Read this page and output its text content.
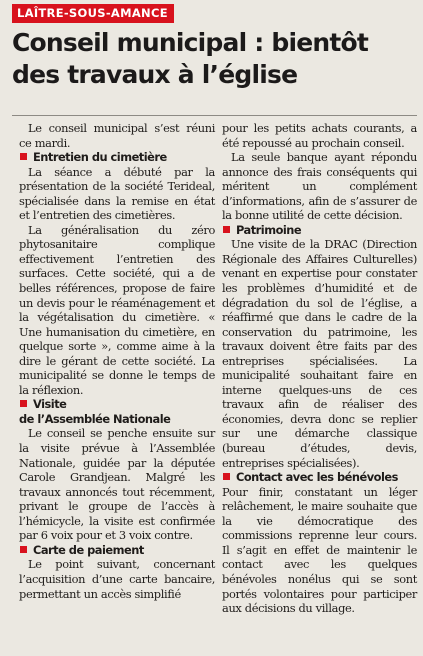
LAÎTRE-SOUS-AMANCE
Conseil municipal : bientôt des travaux à l’église

Le conseil municipal s’est réuni ce mardi.

Entretien du cimetière

La séance a débuté par la présentation de la société Terideal, spécialisée dans la remise en état et l’entretien des cimetières.

La généralisation du zéro phytosanitaire complique effectivement l’entretien des surfaces. Cette société, qui a de belles références, propose de faire un devis pour le réaménagement et la végétalisation du cimetière. « Une humanisation du cimetière, en quelque sorte », comme aime à la dire le gérant de cette société. La municipalité se donne le temps de la réflexion.

Visite
de l’Assemblée Nationale

Le conseil se penche ensuite sur la visite prévue à l’Assemblée Nationale, guidée par la députée Carole Grandjean. Malgré les travaux annoncés tout récemment, privant le groupe de l’accès à l’hémicycle, la visite est confirmée par 6 voix pour et 3 voix contre.

Carte de paiement

Le point suivant, concernant l’acquisition d’une carte bancaire, permettant un accès simplifié

pour les petits achats courants, a été repoussé au prochain conseil.

La seule banque ayant répondu annonce des frais conséquents qui méritent un complément d’informations, afin de s’assurer de la bonne utilité de cette décision.

Patrimoine

Une visite de la DRAC (Direction Régionale des Affaires Culturelles) venant en expertise pour constater les problèmes d’humidité et de dégradation du sol de l’église, a réaffirmé que dans le cadre de la conservation du patrimoine, les travaux doivent être faits par des entreprises spécialisées. La municipalité souhaitant faire en interne quelques-uns de ces travaux afin de réaliser des économies, devra donc se replier sur une démarche classique (bureau d’études, devis, entreprises spécialisées).

Contact avec les bénévoles

Pour finir, constatant un léger relâchement, le maire souhaite que la vie démocratique des commissions reprenne leur cours. Il s’agit en effet de maintenir le contact avec les quelques bénévoles nonélus qui se sont portés volontaires pour participer aux décisions du village.
